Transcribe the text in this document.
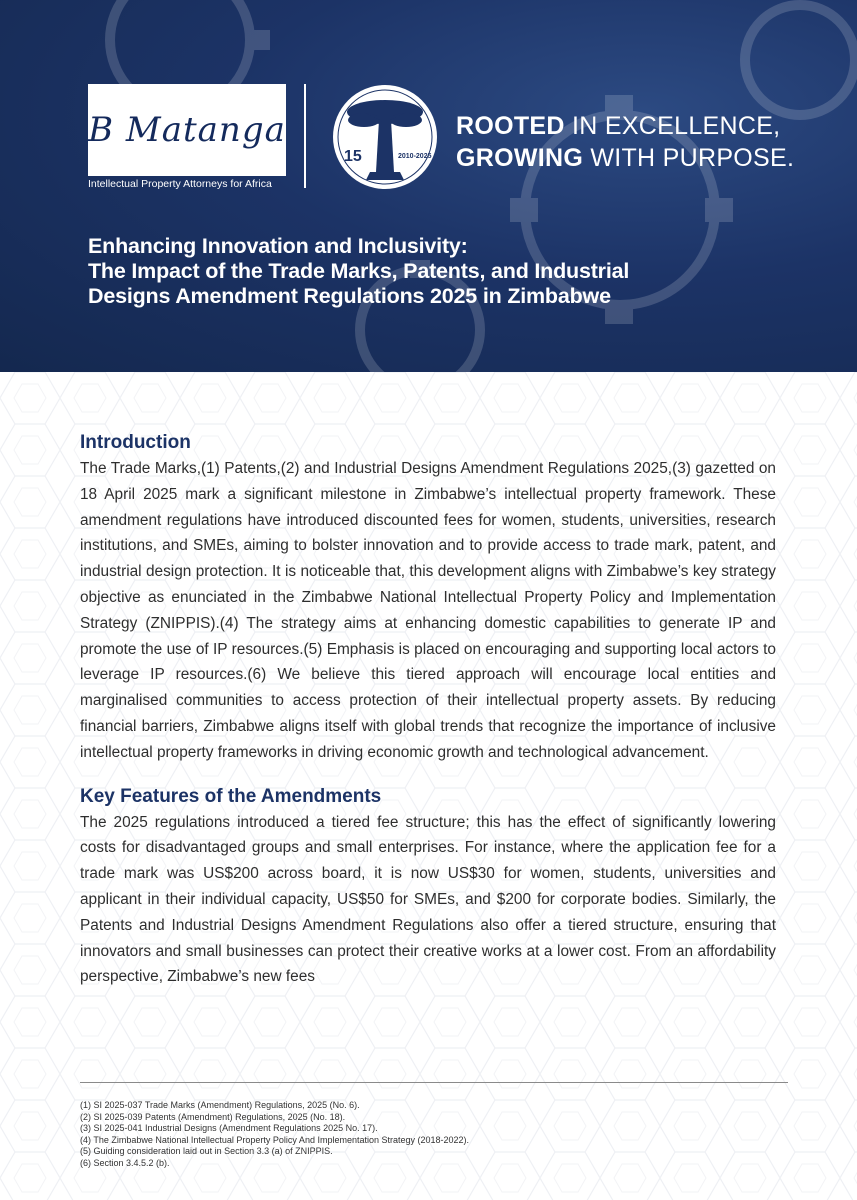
B Matanga
Intellectual Property Attorneys for Africa
15	2010-2025
ROOTED IN EXCELLENCE,
GROWING WITH PURPOSE.
Enhancing Innovation and Inclusivity:
The Impact of the Trade Marks, Patents, and Industrial
Designs Amendment Regulations 2025 in Zimbabwe
Introduction

The Trade Marks,(1) Patents,(2) and Industrial Designs Amendment Regulations 2025,(3) gazetted on 18 April 2025 mark a significant milestone in Zimbabwe’s intellectual property framework. These amendment regulations have introduced discounted fees for women, students, universities, research institutions, and SMEs, aiming to bolster innovation and to provide access to trade mark, patent, and industrial design protection. It is noticeable that, this development aligns with Zimbabwe’s key strategy objective as enunciated in the Zimbabwe National Intellectual Property Policy and Implementation Strategy (ZNIPPIS).(4) The strategy aims at enhancing domestic capabilities to generate IP and promote the use of IP resources.(5) Emphasis is placed on encouraging and supporting local actors to leverage IP resources.(6) We believe this tiered approach will encourage local entities and marginalised communities to access protection of their intellectual property assets. By reducing financial barriers, Zimbabwe aligns itself with global trends that recognize the importance of inclusive intellectual property frameworks in driving economic growth and technological advancement.

Key Features of the Amendments

The 2025 regulations introduced a tiered fee structure; this has the effect of significantly lowering costs for disadvantaged groups and small enterprises. For instance, where the application fee for a trade mark was US$200 across board, it is now US$30 for women, students, universities and applicant in their individual capacity, US$50 for SMEs, and $200 for corporate bodies. Similarly, the Patents and Industrial Designs Amendment Regulations also offer a tiered structure, ensuring that innovators and small businesses can protect their creative works at a lower cost. From an affordability perspective, Zimbabwe’s new fees

(1) SI 2025-037 Trade Marks (Amendment) Regulations, 2025 (No. 6).
(2) SI 2025-039 Patents (Amendment) Regulations, 2025 (No. 18).
(3) SI 2025-041 Industrial Designs (Amendment Regulations 2025 No. 17).
(4) The Zimbabwe National Intellectual Property Policy And Implementation Strategy (2018-2022).
(5) Guiding consideration laid out in Section 3.3 (a) of ZNIPPIS.
(6) Section 3.4.5.2 (b).
